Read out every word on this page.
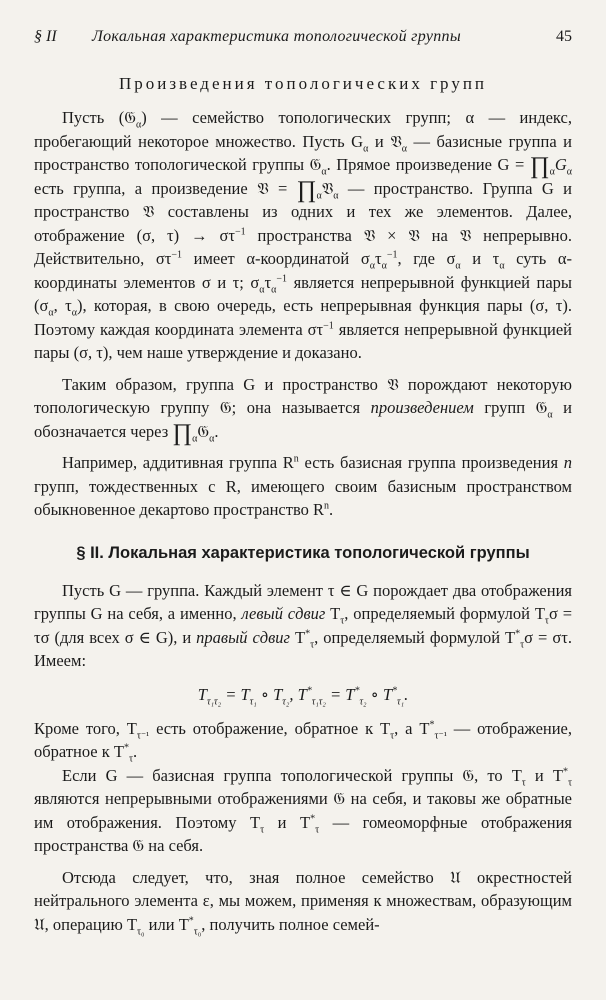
§ II Локальная характеристика топологической группы	45
Произведения топологических групп

Пусть (𝔊$_\alpha$) — семейство топологических групп; α — индекс, пробегающий некоторое множество. Пусть $G_\alpha$ и 𝔙$_\alpha$ — базисные группа и пространство топологической группы 𝔊$_\alpha$. Прямое произведение $G = \prod_\alpha G_\alpha$ есть группа, а произведение 𝔙 = $\prod_\alpha 𝔙_\alpha$ — пространство. Группа G и пространство 𝔙 составлены из одних и тех же элементов. Далее, отображение (σ, $\tau) \to \sigma\tau^{-1}$ пространства 𝔙 × 𝔙 на 𝔙 непрерывно. Действительно, $\sigma\tau^{-1}$ имеет α-координатой $\sigma_\alpha\tau_\alpha^{-1}$, где $\sigma_\alpha$ и $\tau_\alpha$ суть α-координаты элементов σ и τ; $\sigma_\alpha\tau_\alpha^{-1}$ является непрерывной функцией пары ($\sigma_\alpha$, $\tau_\alpha$), которая, в свою очередь, есть непрерывная функция пары (σ, τ). Поэтому каждая координата элемента $\sigma\tau^{-1}$ является непрерывной функцией пары (σ, τ), чем наше утверждение и доказано.

Таким образом, группа G и пространство 𝔙 порождают некоторую топологическую группу 𝔊; она называется произведением групп 𝔊$_\alpha$ и обозначается через $\prod_\alpha 𝔊_\alpha$.

Например, аддитивная группа $R^n$ есть базисная группа произведения n групп, тождественных с R, имеющего своим базисным пространством обыкновенное декартово пространство $R^n$.

§ II. Локальная характеристика топологической группы

Пусть G — группа. Каждый элемент τ ∈ G порождает два отображения группы G на себя, а именно, левый сдвиг $T_\tau$, определяемый формулой $T_\tau\sigma = \tau\sigma$ (для всех σ ∈ G), и правый сдвиг $T^*_\tau$, определяемый формулой $T^*_\tau\sigma = \sigma\tau$. Имеем:

$T_{\tau_1\tau_2} = T_{\tau_1}$ ∘ $T_{\tau_2}$, $T^*_{\tau_1\tau_2} = T^*_{\tau_2}$ ∘ $T^*_{\tau_1}$.

Кроме того, $T_{\tau^{-1}}$ есть отображение, обратное к $T_\tau$, а $T^*_{\tau^{-1}}$ — отображение, обратное к $T^*_\tau$.

Если G — базисная группа топологической группы 𝔊, то $T_\tau$ и $T^*_\tau$ являются непрерывными отображениями 𝔊 на себя, и таковы же обратные им отображения. Поэтому $T_\tau$ и $T^*_\tau$ — гомеоморфные отображения пространства 𝔊 на себя.

Отсюда следует, что, зная полное семейство 𝔘 окрестностей нейтрального элемента ε, мы можем, применяя к множествам, образующим 𝔘, операцию $T_{\tau_0}$ или $T^*_{\tau_0}$, получить полное семей-
